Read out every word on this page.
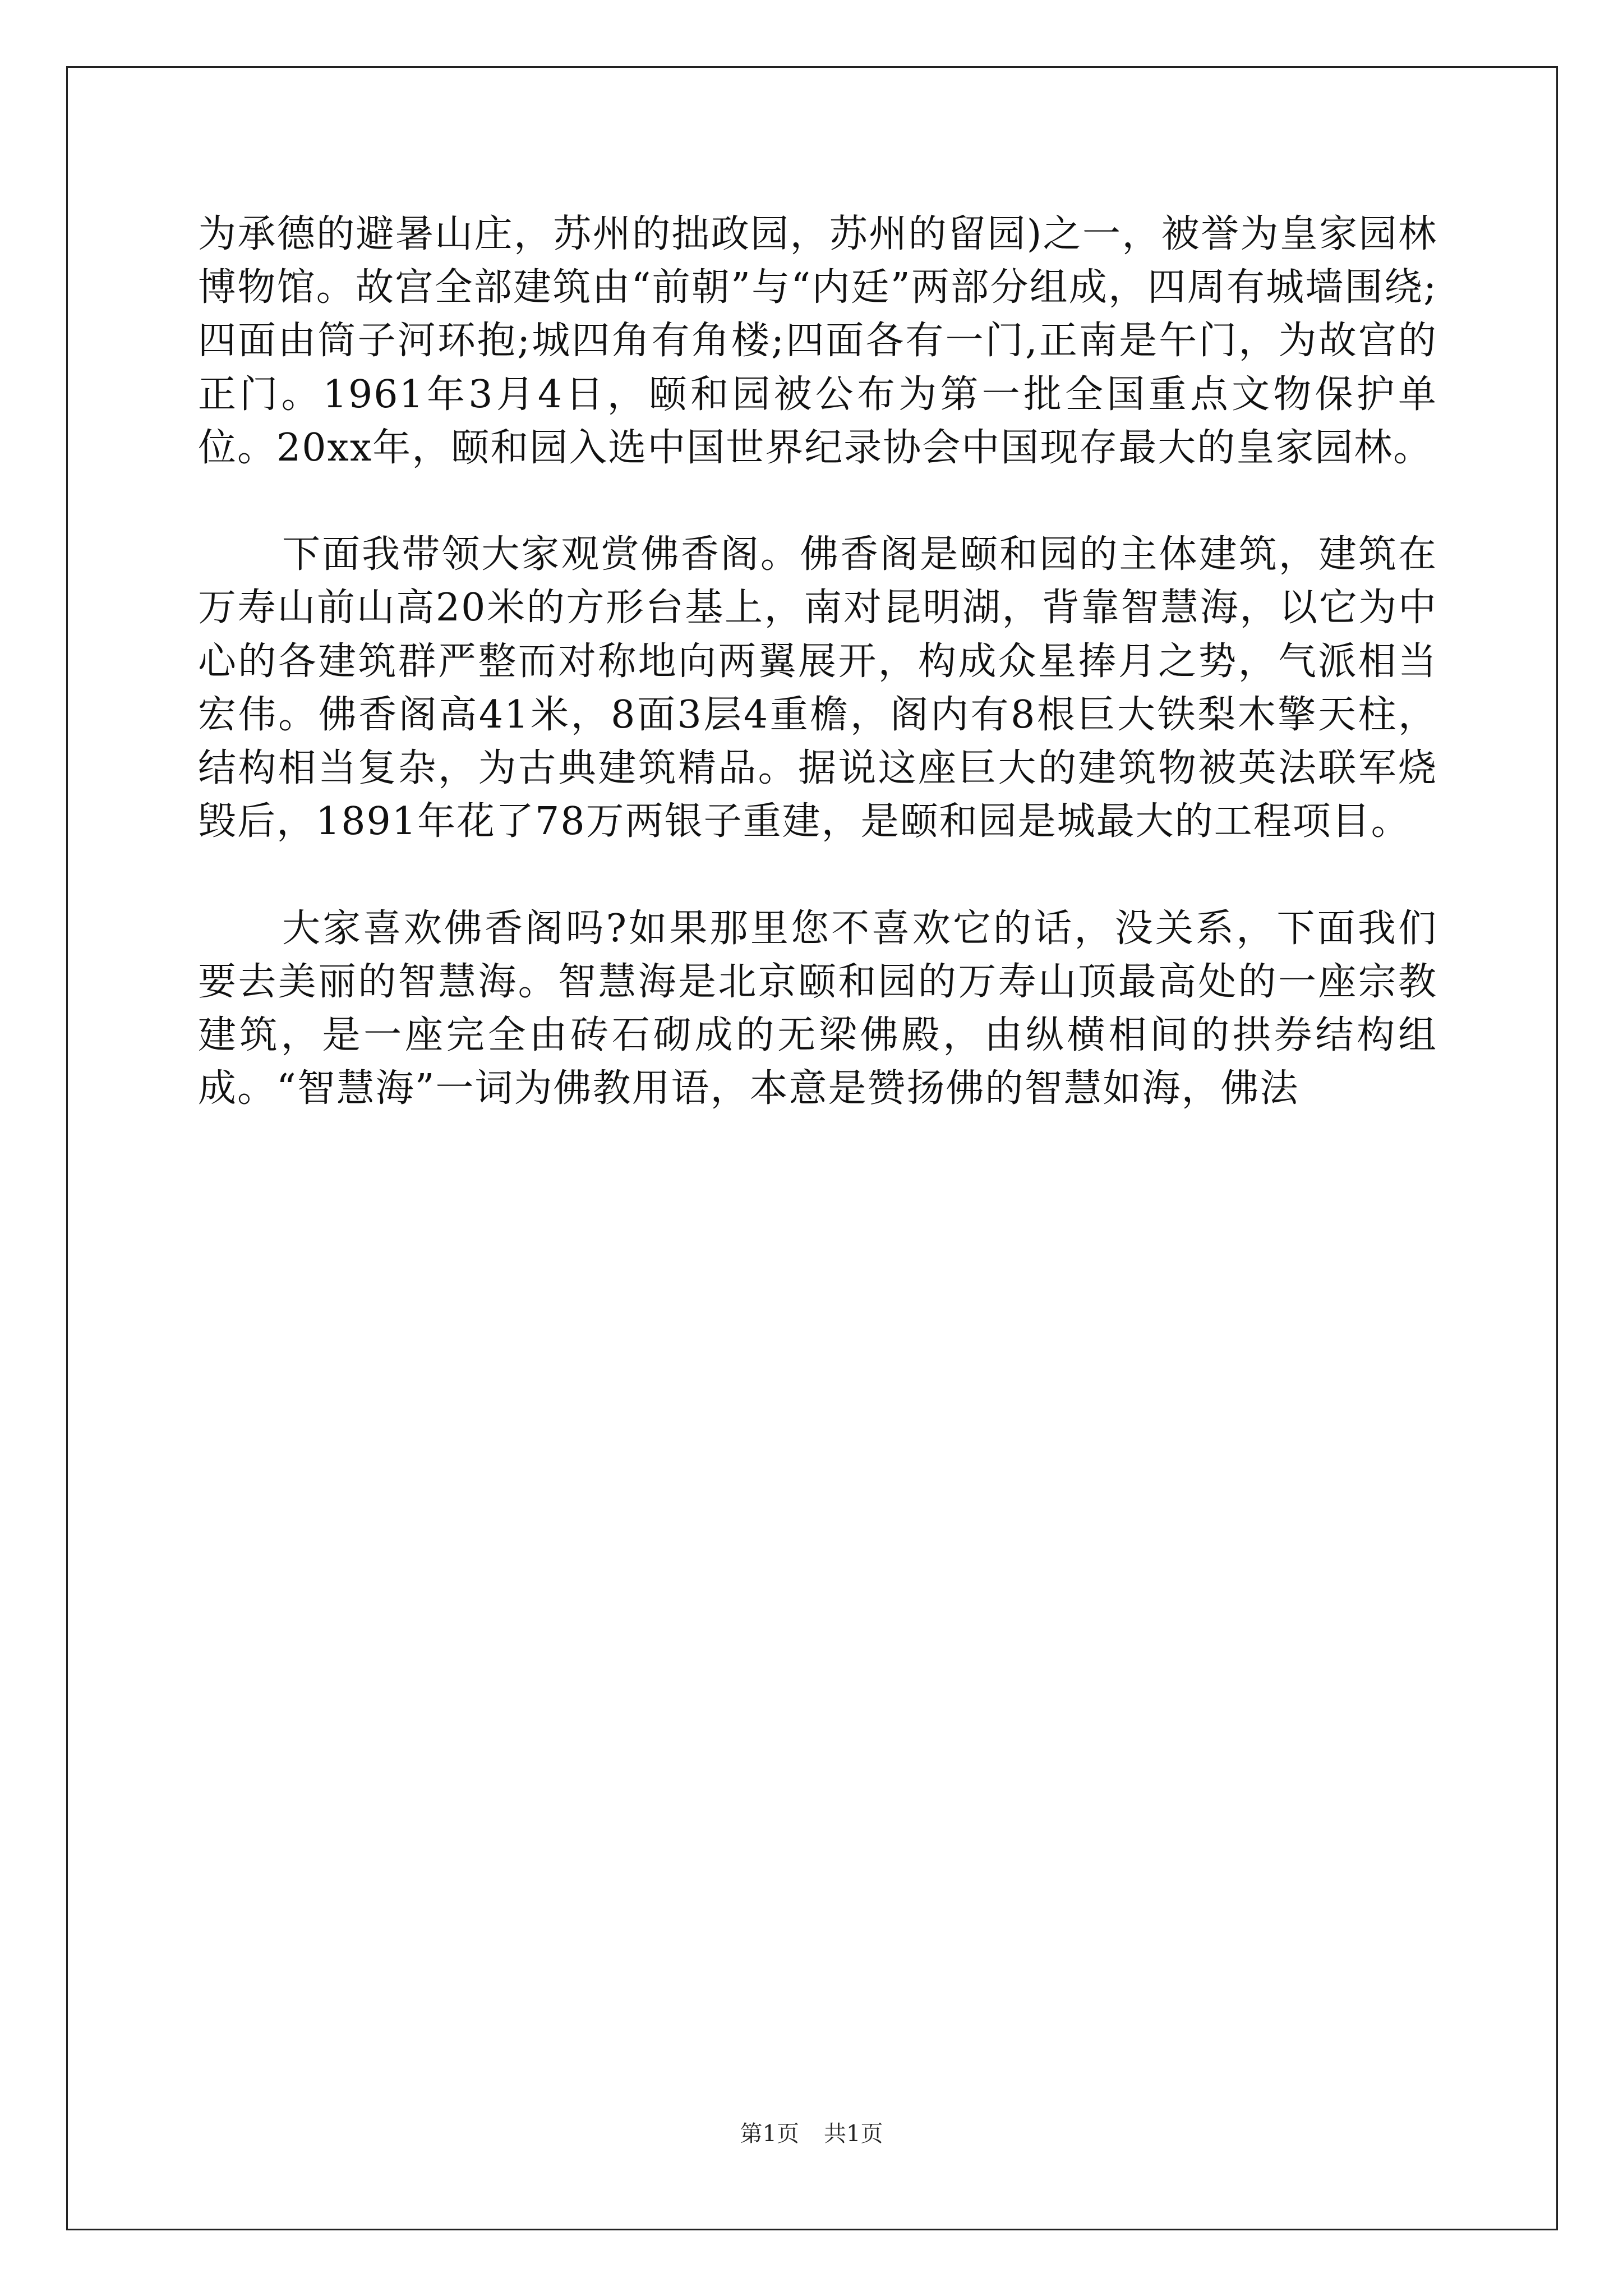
为承德的避暑山庄，苏州的拙政园，苏州的留园)之一，被誉为皇家园林博物馆。故宫全部建筑由“前朝”与“内廷”两部分组成，四周有城墙围绕;四面由筒子河环抱;城四角有角楼;四面各有一门,正南是午门，为故宫的正门。1961年3月4日，颐和园被公布为第一批全国重点文物保护单位。20xx年，颐和园入选中国世界纪录协会中国现存最大的皇家园林。

下面我带领大家观赏佛香阁。佛香阁是颐和园的主体建筑，建筑在万寿山前山高20米的方形台基上，南对昆明湖，背靠智慧海，以它为中心的各建筑群严整而对称地向两翼展开，构成众星捧月之势，气派相当宏伟。佛香阁高41米，8面3层4重檐，阁内有8根巨大铁梨木擎天柱，结构相当复杂，为古典建筑精品。据说这座巨大的建筑物被英法联军烧毁后，1891年花了78万两银子重建，是颐和园是城最大的工程项目。

大家喜欢佛香阁吗?如果那里您不喜欢它的话，没关系，下面我们要去美丽的智慧海。智慧海是北京颐和园的万寿山顶最高处的一座宗教建筑，是一座完全由砖石砌成的无梁佛殿，由纵横相间的拱券结构组成。“智慧海”一词为佛教用语，本意是赞扬佛的智慧如海，佛法

第1页 共1页
